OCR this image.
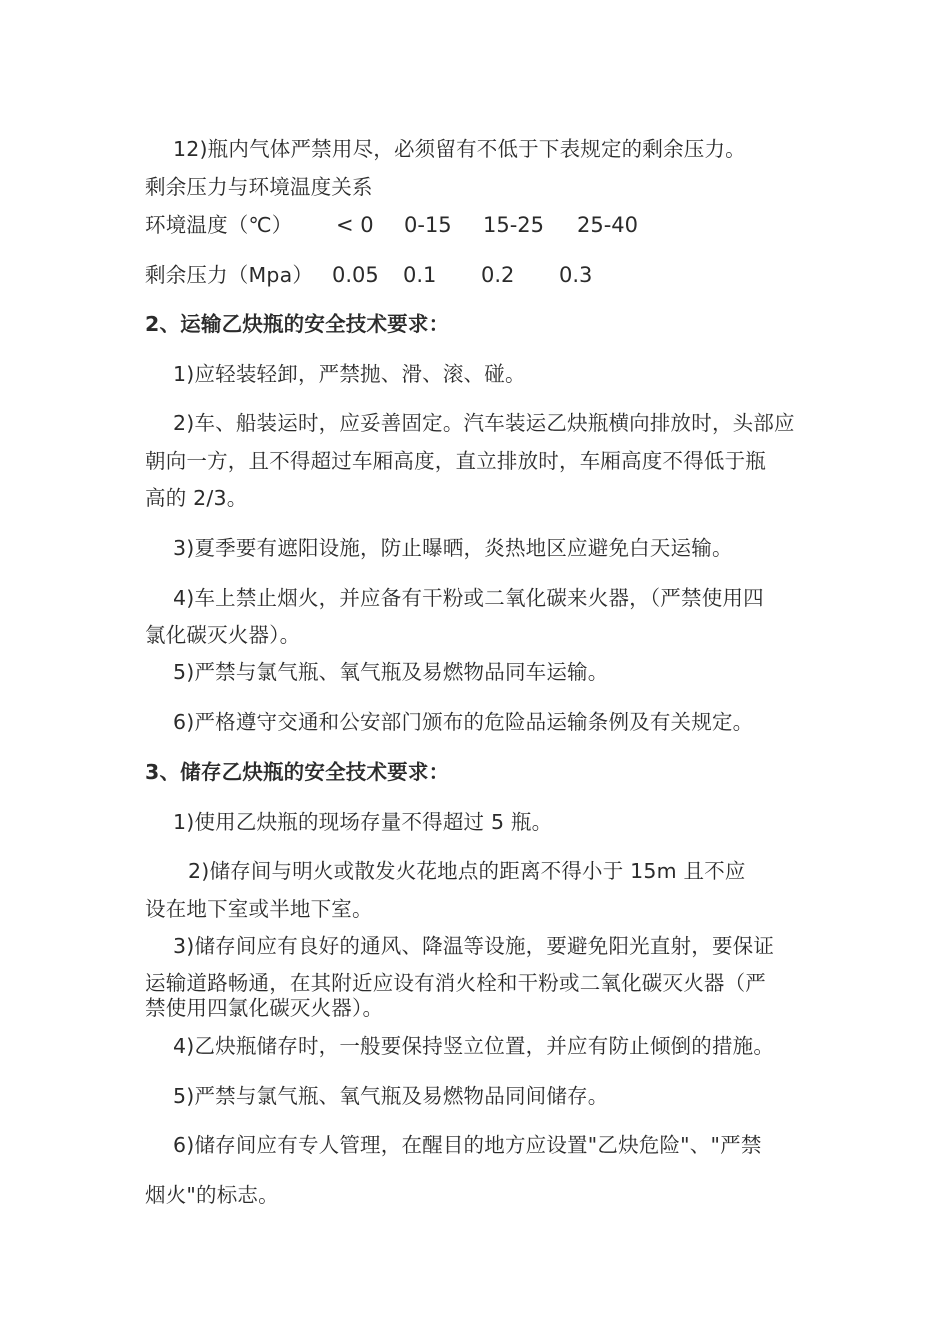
12)瓶内气体严禁用尽，必须留有不低于下表规定的剩余压力。
剩余压力与环境温度关系
环境温度（℃） < 0 0-15 15-25 25-40
剩余压力（Mpa） 0.05 0.1 0.2 0.3
2、运输乙炔瓶的安全技术要求：
1)应轻装轻卸，严禁抛、滑、滚、碰。
2)车、船装运时，应妥善固定。汽车装运乙炔瓶横向排放时，头部应
朝向一方，且不得超过车厢高度，直立排放时，车厢高度不得低于瓶
高的 2/3。
3)夏季要有遮阳设施，防止曝晒，炎热地区应避免白天运输。
4)车上禁止烟火，并应备有干粉或二氧化碳来火器，（严禁使用四
氯化碳灭火器）。
5)严禁与氯气瓶、氧气瓶及易燃物品同车运输。
6)严格遵守交通和公安部门颁布的危险品运输条例及有关规定。
3、储存乙炔瓶的安全技术要求：
1)使用乙炔瓶的现场存量不得超过 5 瓶。
2)储存间与明火或散发火花地点的距离不得小于 15m 且不应
设在地下室或半地下室。
3)储存间应有良好的通风、降温等设施，要避免阳光直射，要保证
运输道路畅通，在其附近应设有消火栓和干粉或二氧化碳灭火器（严
禁使用四氯化碳灭火器）。
4)乙炔瓶储存时，一般要保持竖立位置，并应有防止倾倒的措施。
5)严禁与氯气瓶、氧气瓶及易燃物品同间储存。
6)储存间应有专人管理，在醒目的地方应设置"乙炔危险"、"严禁
烟火"的标志。
